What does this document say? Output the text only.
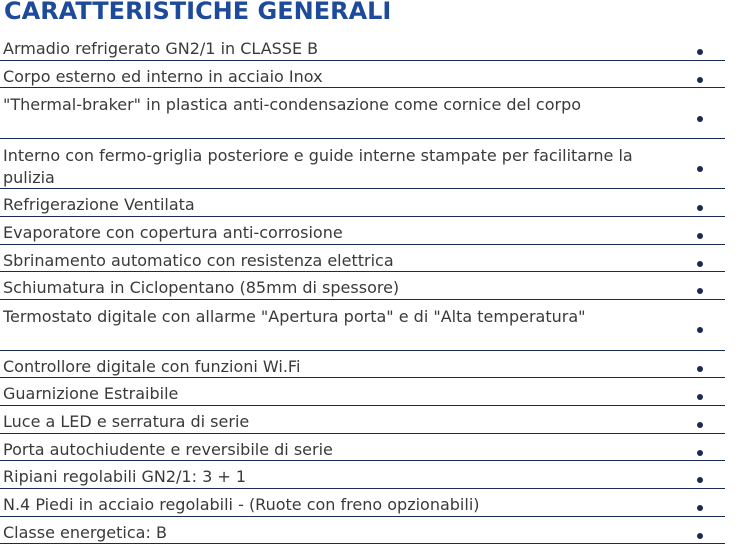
CARATTERISTICHE GENERALI
Armadio refrigerato GN2/1 in CLASSE B
Corpo esterno ed interno in acciaio Inox
"Thermal-braker" in plastica anti-condensazione come cornice del corpo
Interno con fermo-griglia posteriore e guide interne stampate per facilitarne la pulizia
Refrigerazione Ventilata
Evaporatore con copertura anti-corrosione
Sbrinamento automatico con resistenza elettrica
Schiumatura in Ciclopentano (85mm di spessore)
Termostato digitale con allarme "Apertura porta" e di "Alta temperatura"
Controllore digitale con funzioni Wi.Fi
Guarnizione Estraibile
Luce a LED e serratura di serie
Porta autochiudente e reversibile di serie
Ripiani regolabili GN2/1: 3 + 1
N.4 Piedi in acciaio regolabili - (Ruote con freno opzionabili)
Classe energetica: B
